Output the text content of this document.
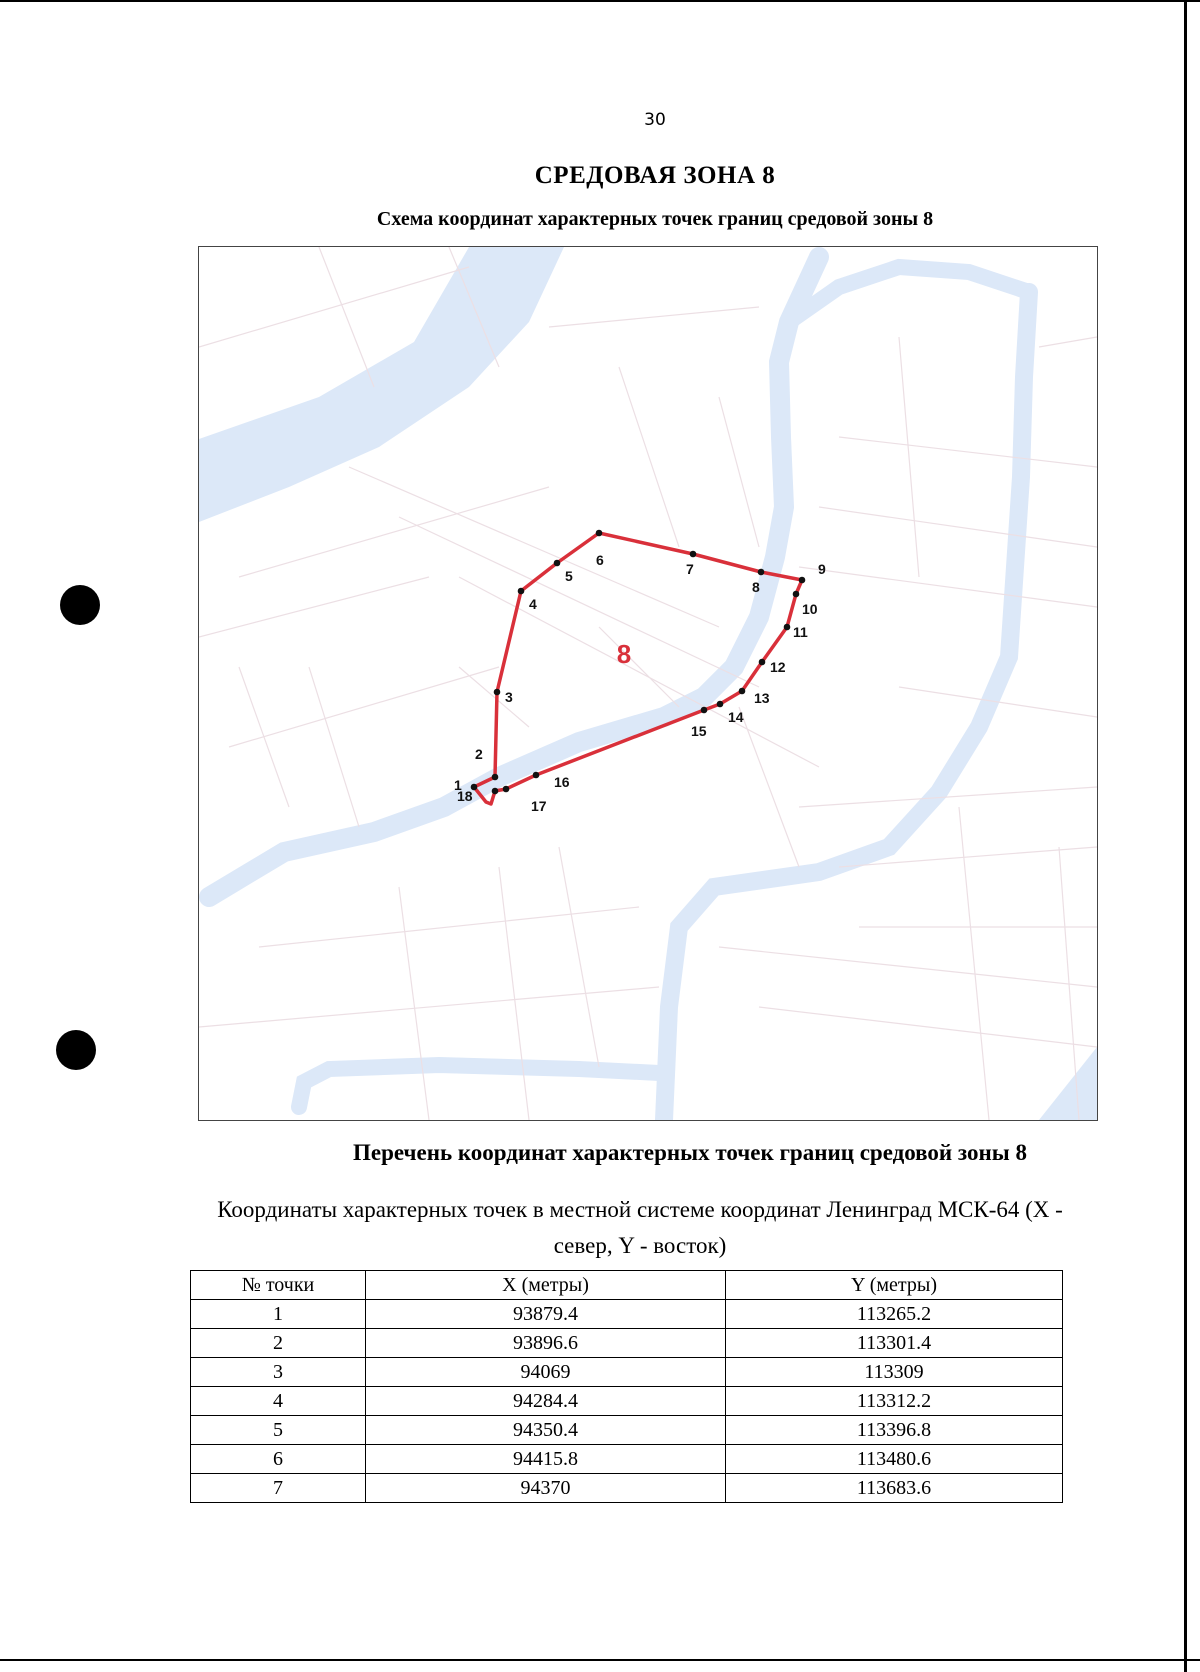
30
СРЕДОВАЯ ЗОНА 8
Схема координат характерных точек границ средовой зоны 8
8
1
2
3
4
5
6
7
8
9
10
11
12
13
14
15
16
17
18
Перечень координат характерных точек границ средовой зоны 8
Координаты характерных точек в местной системе координат Ленинград МСК-64 (X - север, Y - восток)
№ точки	X (метры)	Y (метры)
1	93879.4	113265.2
2	93896.6	113301.4
3	94069	113309
4	94284.4	113312.2
5	94350.4	113396.8
6	94415.8	113480.6
7	94370	113683.6
